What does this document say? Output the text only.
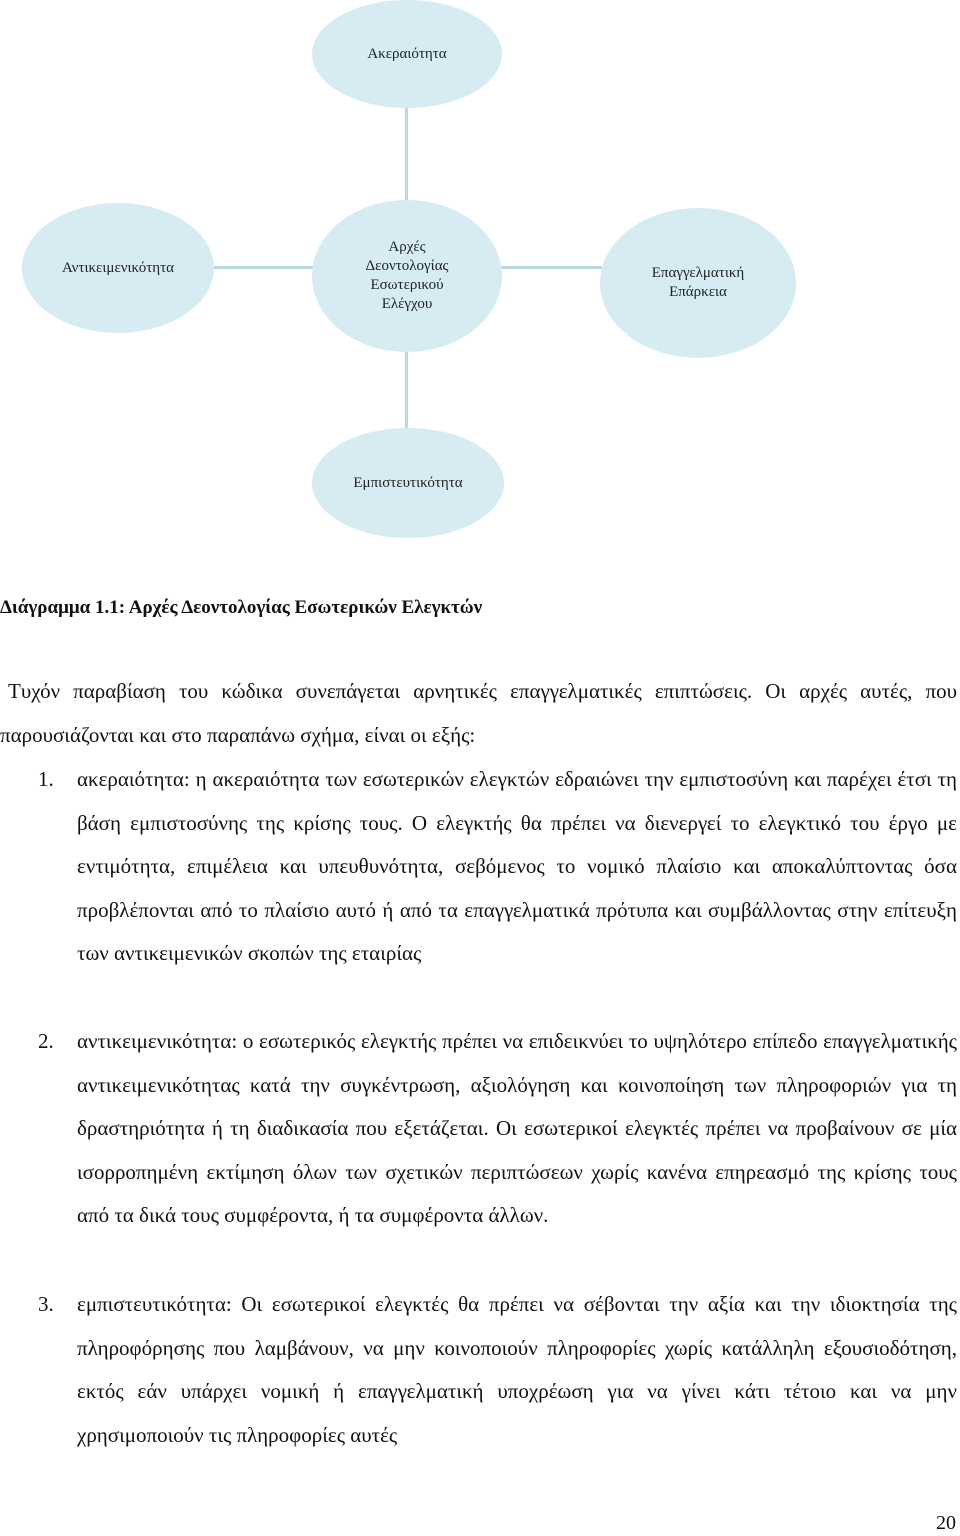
Ακεραιότητα
Αντικειμενικότητα
Αρχές
Δεοντολογίας
Εσωτερικού
Ελέγχου
Επαγγελματική
Επάρκεια
Εμπιστευτικότητα
Διάγραμμα 1.1: Αρχές Δεοντολογίας Εσωτερικών Ελεγκτών
Τυχόν παραβίαση του κώδικα συνεπάγεται αρνητικές επαγγελματικές επιπτώσεις. Οι αρχές αυτές, που παρουσιάζονται και στο παραπάνω σχήμα, είναι οι εξής:
1. ακεραιότητα: η ακεραιότητα των εσωτερικών ελεγκτών εδραιώνει την εμπιστοσύνη και παρέχει έτσι τη βάση εμπιστοσύνης της κρίσης τους. Ο ελεγκτής θα πρέπει να διενεργεί το ελεγκτικό του έργο με εντιμότητα, επιμέλεια και υπευθυνότητα, σεβόμενος το νομικό πλαίσιο και αποκαλύπτοντας όσα προβλέπονται από το πλαίσιο αυτό ή από τα επαγγελματικά πρότυπα και συμβάλλοντας στην επίτευξη των αντικειμενικών σκοπών της εταιρίας
2. αντικειμενικότητα: ο εσωτερικός ελεγκτής πρέπει να επιδεικνύει το υψηλότερο επίπεδο επαγγελματικής αντικειμενικότητας κατά την συγκέντρωση, αξιολόγηση και κοινοποίηση των πληροφοριών για τη δραστηριότητα ή τη διαδικασία που εξετάζεται. Οι εσωτερικοί ελεγκτές πρέπει να προβαίνουν σε μία ισορροπημένη εκτίμηση όλων των σχετικών περιπτώσεων χωρίς κανένα επηρεασμό της κρίσης τους από τα δικά τους συμφέροντα, ή τα συμφέροντα άλλων.
3. εμπιστευτικότητα: Οι εσωτερικοί ελεγκτές θα πρέπει να σέβονται την αξία και την ιδιοκτησία της πληροφόρησης που λαμβάνουν, να μην κοινοποιούν πληροφορίες χωρίς κατάλληλη εξουσιοδότηση, εκτός εάν υπάρχει νομική ή επαγγελματική υποχρέωση για να γίνει κάτι τέτοιο και να μην χρησιμοποιούν τις πληροφορίες αυτές
20
